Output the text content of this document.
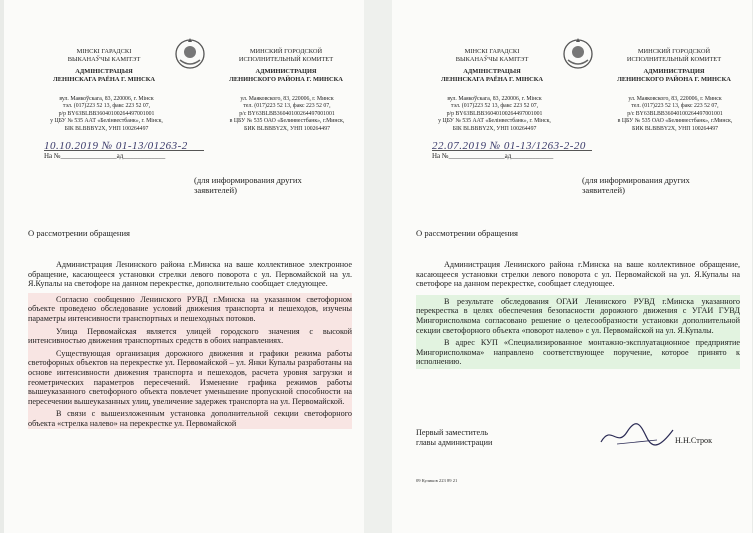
МІНСКІ ГАРАДСКІ
ВЫКАНАЎЧЫ КАМІТЭТ
АДМІНІСТРАЦЫЯ
ЛЕНІНСКАГА РАЁНА Г. МІНСКА
МИНСКИЙ ГОРОДСКОЙ
ИСПОЛНИТЕЛЬНЫЙ КОМИТЕТ
АДМИНИСТРАЦИЯ
ЛЕНИНСКОГО РАЙОНА Г. МИНСКА
вул. Маякоўскага, 83, 220006, г. Мінск
тэл. (017)223 52 13, факс 223 52 07,
р/р BY63BLBB36040100264497001001
у ЦБУ № 535 ААТ «Белінвестбанк», г. Мінск,
БІК BLBBBY2X, УНП 100264497
ул. Маяковского, 83, 220006, г. Минск
тел. (017)223 52 13, факс 223 52 07,
р/с BY63BLBB36040100264497001001
в ЦБУ № 535 ОАО «Белинвестбанк», г.Минск,
БИК BLBBBY2X, УНП 100264497
10.10.2019 № 01-13/01263-2
На №________________ад____________
(для информирования других заявителей)
О рассмотрении обращения

Администрация Ленинского района г.Минска на ваше коллективное электронное обращение, касающееся установки стрелки левого поворота с ул. Первомайской на ул. Я.Купалы на светофоре на данном перекрестке, дополнительно сообщает следующее.

Согласно сообщению Ленинского РУВД г.Минска на указанном светофорном объекте проведено обследование условий движения транспорта и пешеходов, изучены параметры интенсивности транспортных и пешеходных потоков.

Улица Первомайская является улицей городского значения с высокой интенсивностью движения транспортных средств в обоих направлениях.

Существующая организация дорожного движения и графики режима работы светофорных объектов на перекрестке ул. Первомайской – ул. Янки Купалы разработаны на основе интенсивности движения транспорта и пешеходов, расчета уровня загрузки и геометрических параметров пересечений. Изменение графика режимов работы вышеуказанного светофорного объекта повлечет уменьшение пропускной способности на пересечении вышеуказанных улиц, увеличение задержек транспорта на ул. Первомайской.

В связи с вышеизложенным установка дополнительной секции светофорного объекта «стрелка налево» на перекрестке ул. Первомайской

МІНСКІ ГАРАДСКІ
ВЫКАНАЎЧЫ КАМІТЭТ
АДМІНІСТРАЦЫЯ
ЛЕНІНСКАГА РАЁНА Г. МІНСКА
МИНСКИЙ ГОРОДСКОЙ
ИСПОЛНИТЕЛЬНЫЙ КОМИТЕТ
АДМИНИСТРАЦИЯ
ЛЕНИНСКОГО РАЙОНА Г. МИНСКА
вул. Маякоўскага, 83, 220006, г. Мінск
тэл. (017)223 52 13, факс 223 52 07,
р/р BY63BLBB36040100264497001001
у ЦБУ № 535 ААТ «Белінвестбанк», г. Мінск,
БІК BLBBBY2X, УНП 100264497
ул. Маяковского, 83, 220006, г. Минск
тел. (017)223 52 13, факс 223 52 07,
р/с BY63BLBB36040100264497001001
в ЦБУ № 535 ОАО «Белинвестбанк», г.Минск,
БИК BLBBBY2X, УНП 100264497
22.07.2019 № 01-13/1263-2-20
На №________________ад____________
(для информирования других заявителей)
О рассмотрении обращения

Администрация Ленинского района г.Минска на ваше коллективное обращение, касающееся установки стрелки левого поворота с ул. Первомайской на ул. Я.Купалы на светофоре на данном перекрестке, сообщает следующее.

В результате обследования ОГАИ Ленинского РУВД г.Минска указанного перекрестка в целях обеспечения безопасности дорожного движения с УГАИ ГУВД Мингорисполкома согласовано решение о целесообразности установки дополнительной секции светофорного объекта «поворот налево» с ул. Первомайской на ул. Я.Купалы.

В адрес КУП «Специализированное монтажно-эксплуатационное предприятие Мингорисполкома» направлено соответствующее поручение, которое принято к исполнению.

Первый заместитель
главы администрации	Н.Н.Строк
09 Куликов 223 89 21
